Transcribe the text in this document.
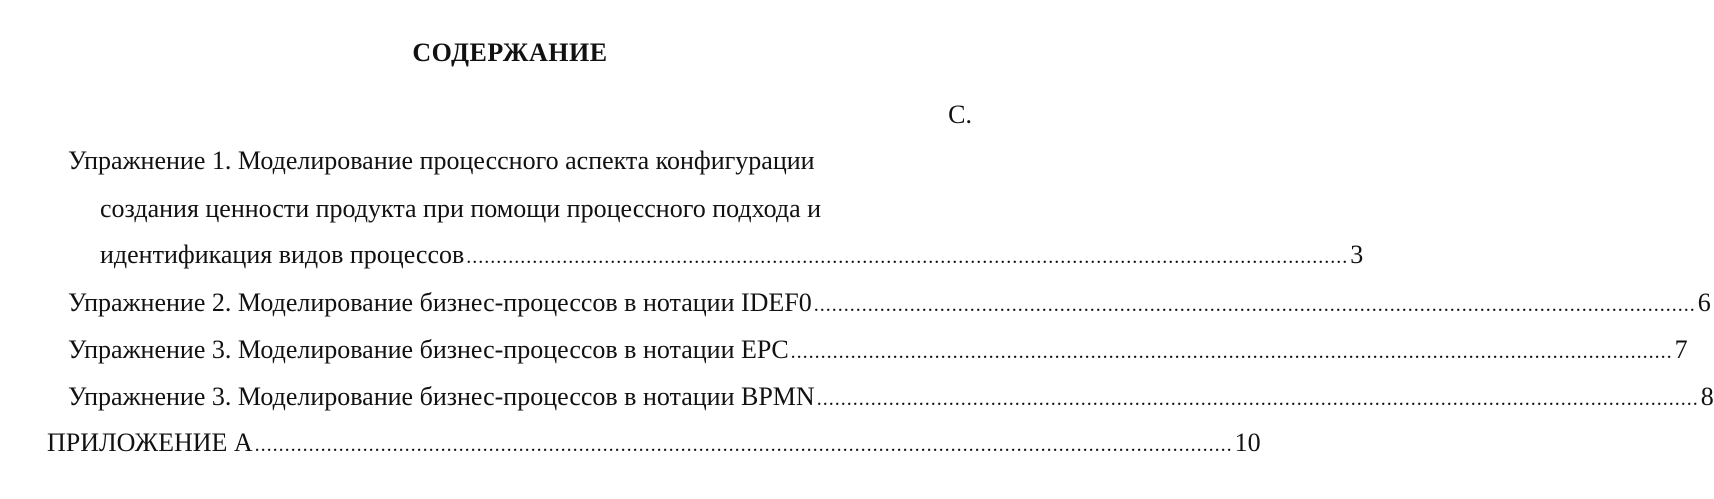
СОДЕРЖАНИЕ
С.
Упражнение 1. Моделирование процессного аспекта конфигурации
создания ценности продукта при помощи процессного подхода и
идентификация видов процессов ................................................................................................................................................... 3
Упражнение 2. Моделирование бизнес-процессов в нотации IDEF0 ................................................................................................................................................... 6
Упражнение 3. Моделирование бизнес-процессов в нотации EPC ................................................................................................................................................... 7
Упражнение 3. Моделирование бизнес-процессов в нотации BPMN ................................................................................................................................................... 8
ПРИЛОЖЕНИЕ А ................................................................................................................................................................... 10
